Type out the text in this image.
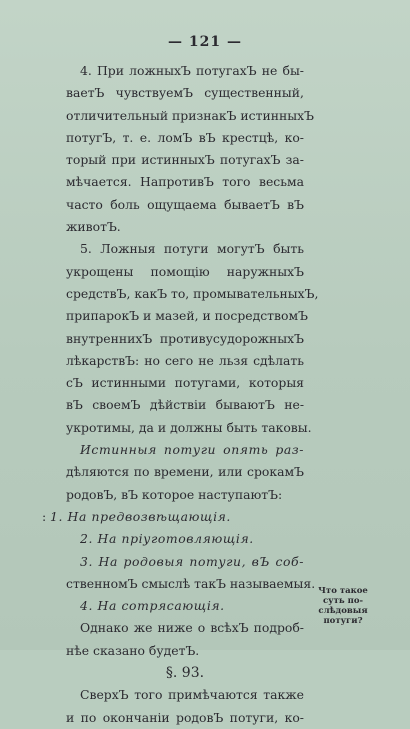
— 121 —
4. При ложныхЪ потугахЪ не бы-
ваетЪ чувствуемЪ существенный,
отличительный признакЪ истинныхЪ
потугЪ, т. е. ломЪ вЪ крестцѣ, ко-
торый при истинныхЪ потугахЪ за-
мѣчается. НапротивЪ того весьма
часто боль ощущаема бываетЪ вЪ
животЪ.
5. Ложныя потуги могутЪ быть
укрощены помощію наружныхЪ
средствЪ, какЪ то, промывательныхЪ,
припарокЪ и мазей, и посредствомЪ
внутреннихЪ противусудорожныхЪ
лѣкарствЪ: но сего не льзя сдѣлать
сЪ истинными потугами, которыя
вЪ своемЪ дѣйствіи бываютЪ не-
укротимы, да и должны быть таковы.
Истинныя потуги опять раз-
дѣляются по времени, или срокамЪ
родовЪ, вЪ которое наступаютЪ:
: 1. На предвозвѣщающія.
2. На пріуготовляющія.
3. На родовыя потуги, вЪ соб-
ственномЪ смыслѣ такЪ называемыя.
4. На сотрясающія.
Однако же ниже о всѣхЪ подроб-
нѣе сказано будетЪ.
§. 93.
СверхЪ того примѣчаются также
и по окончаніи родовЪ потуги, ко-
Что такое
суть по-
слѣдовыя
потуги?
